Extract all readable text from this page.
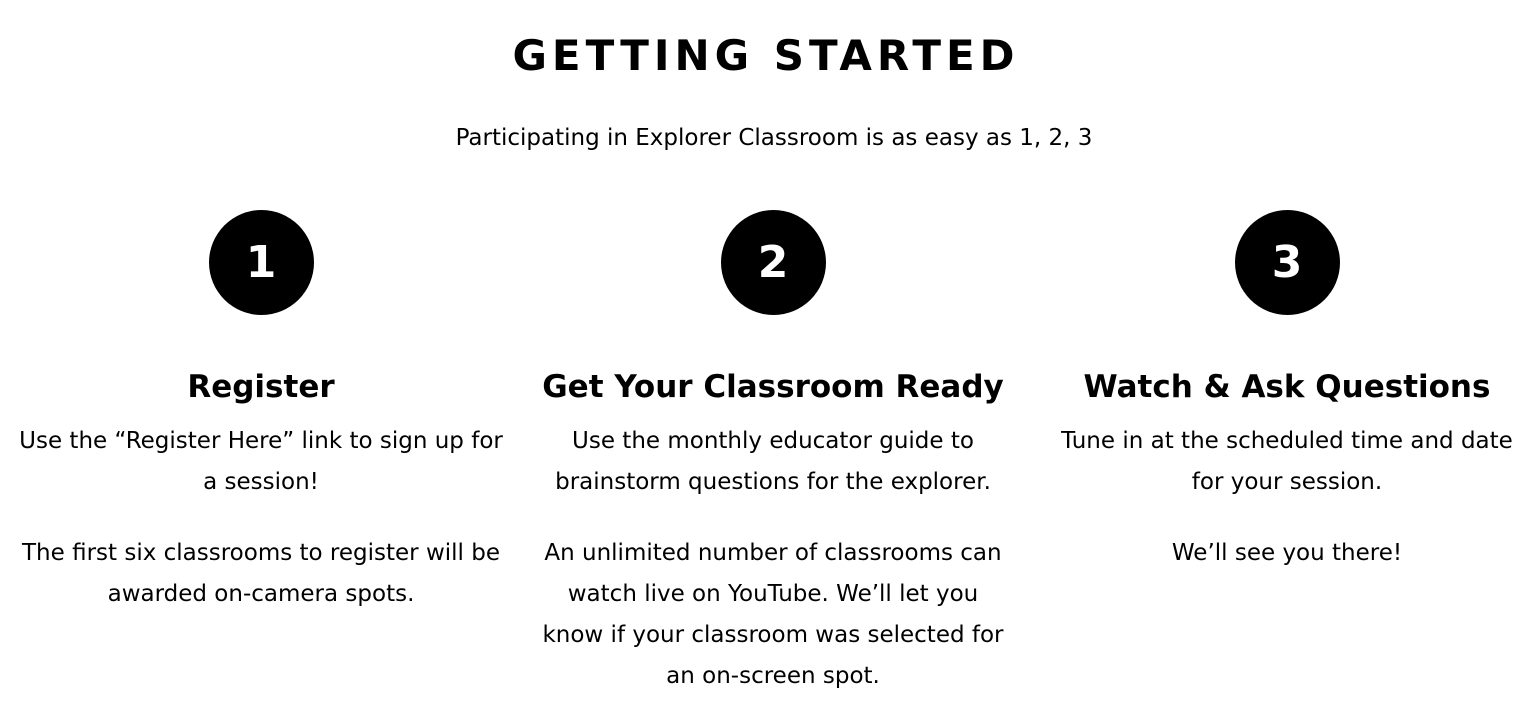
GETTING STARTED

Participating in Explorer Classroom is as easy as 1, 2, 3

1
Register

Use the “Register Here” link to sign up for a session!

The first six classrooms to register will be awarded on-camera spots.

2
Get Your Classroom Ready

Use the monthly educator guide to brainstorm questions for the explorer.

An unlimited number of classrooms can watch live on YouTube. We’ll let you know if your classroom was selected for an on-screen spot.

3
Watch & Ask Questions

Tune in at the scheduled time and date for your session.

We’ll see you there!
